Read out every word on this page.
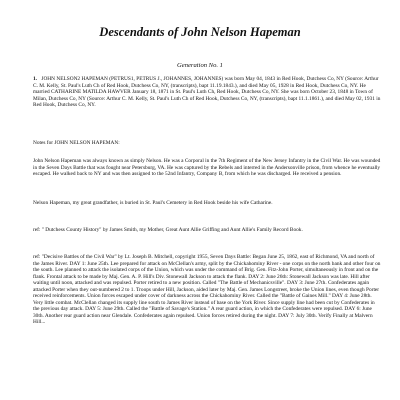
Descendants of John Nelson Hapeman
Generation No. 1

1. JOHN NELSON2 HAPEMAN (PETRUS1, PETRUS J., JOHANNES, JOHANNES) was born May 04, 1843 in Red Hook, Dutchess Co, NY (Source: Arthur C. M. Kelly, St. Paul's Luth Ch of Red Hook, Dutchess Co, NY, (transcripts), bapt 11.19.1843.), and died May 05, 1928 in Red Hook, Dutchess Co, NY. He married CATHARINE MATILDA HAWVER January 18, 1871 in St. Paul's Luth Ch, Red Hook, Dutchess Co, NY. She was born October 23, 1848 in Town of Milan, Dutchess Co, NY (Source: Arthur C. M. Kelly, St. Paul's Luth Ch of Red Hook, Dutchess Co, NY, (transcripts), bapt 11.1.1861.), and died May 02, 1931 in Red Hook, Dutchess Co, NY.

Notes for JOHN NELSON HAPEMAN:

John Nelson Hapeman was always known as simply Nelson. He was a Corporal in the 7th Regiment of the New Jersey Infantry in the Civil War. He was wounded in the Seven Days Battle that was fought near Petersburg, VA. He was captured by the Rebels and interred in the Andersonville prison, from whence he eventually escaped. He walked back to NY and was then assigned to the 52nd Infantry, Company B, from which he was discharged. He received a pension.

Nelson Hapeman, my great grandfather, is buried in St. Paul's Cemetery in Red Hook beside his wife Catharine.

ref: " Dutchess County History" by James Smith, my Mother, Great Aunt Allie Griffing and Aunt Allie's Family Record Book.

ref: "Decisive Battles of the Civil War" by Lt. Joseph B. Mitchell, copyright 1955, Seven Days Battle: Began June 25, 1862, east of Richmond, VA and north of the James River. DAY 1: June 25th. Lee prepared for attack on McClellan's army, split by the Chickahominy River - one corps on the north bank and other four on the south. Lee planned to attack the isolated corps of the Union, which was under the command of Brig. Gen. Fitz-John Porter, simultaneously in front and on the flank. Frontal attack to be made by Maj. Gen. A. P. Hill's Div. Stonewall Jackson to attack the flank. DAY 2: June 26th: Stonewall Jackson was late. Hill after waiting until noon, attacked and was repulsed. Porter retired to a new position. Called "The Battle of Mechanicsville". DAY 3: June 27th. Confederates again attacked Porter when they out-numbered 2 to 1. Troops under Hill, Jackson, aided later by Maj. Gen. James Longstreet, broke the Union lines, even though Porter received reinforcements. Union forces escaped under cover of darkness across the Chickahominy River. Called the "Battle of Gaines Mill." DAY 4: June 28th. Very little combat. McClellan changed its supply line south to James River instead of base on the York River. Since supply line had been cut by Confederates in the previous day attack. DAY 5: June 29th. Called the "Battle of Savage's Station." A rear guard action, in which the Confederates were repulsed. DAY 6: June 30th. Another rear guard action near Glendale. Confederates again repulsed. Union forces retired during the night. DAY 7: July 30th. Verify Finally at Malvern Hill...
